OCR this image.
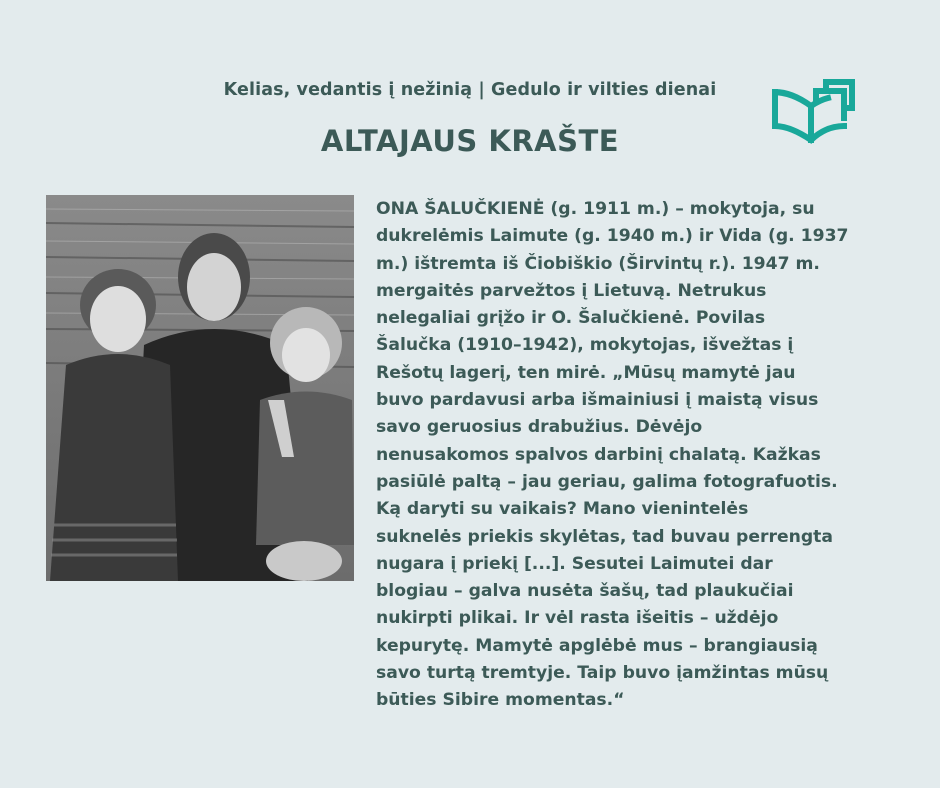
Kelias, vedantis į nežinią | Gedulo ir vilties dienai
ALTAJAUS KRAŠTE
ONA ŠALUČKIENĖ (g. 1911 m.) – mokytoja, su
dukrelėmis Laimute (g. 1940 m.) ir Vida (g. 1937
m.) ištremta iš Čiobiškio (Širvintų r.). 1947 m.
mergaitės parvežtos į Lietuvą. Netrukus
nelegaliai grįžo ir O. Šalučkienė. Povilas
Šalučka (1910–1942), mokytojas, išvežtas į
Rešotų lagerį, ten mirė. „Mūsų mamytė jau
buvo pardavusi arba išmainiusi į maistą visus
savo geruosius drabužius. Dėvėjo
nenusakomos spalvos darbinį chalatą. Kažkas
pasiūlė paltą – jau geriau, galima fotografuotis.
Ką daryti su vaikais? Mano vienintelės
suknelės priekis skylėtas, tad buvau perrengta
nugara į priekį [...]. Sesutei Laimutei dar
blogiau – galva nusėta šašų, tad plaukučiai
nukirpti plikai. Ir vėl rasta išeitis – uždėjo
kepurytę. Mamytė apglėbė mus – brangiausią
savo turtą tremtyje. Taip buvo įamžintas mūsų
būties Sibire momentas.“
